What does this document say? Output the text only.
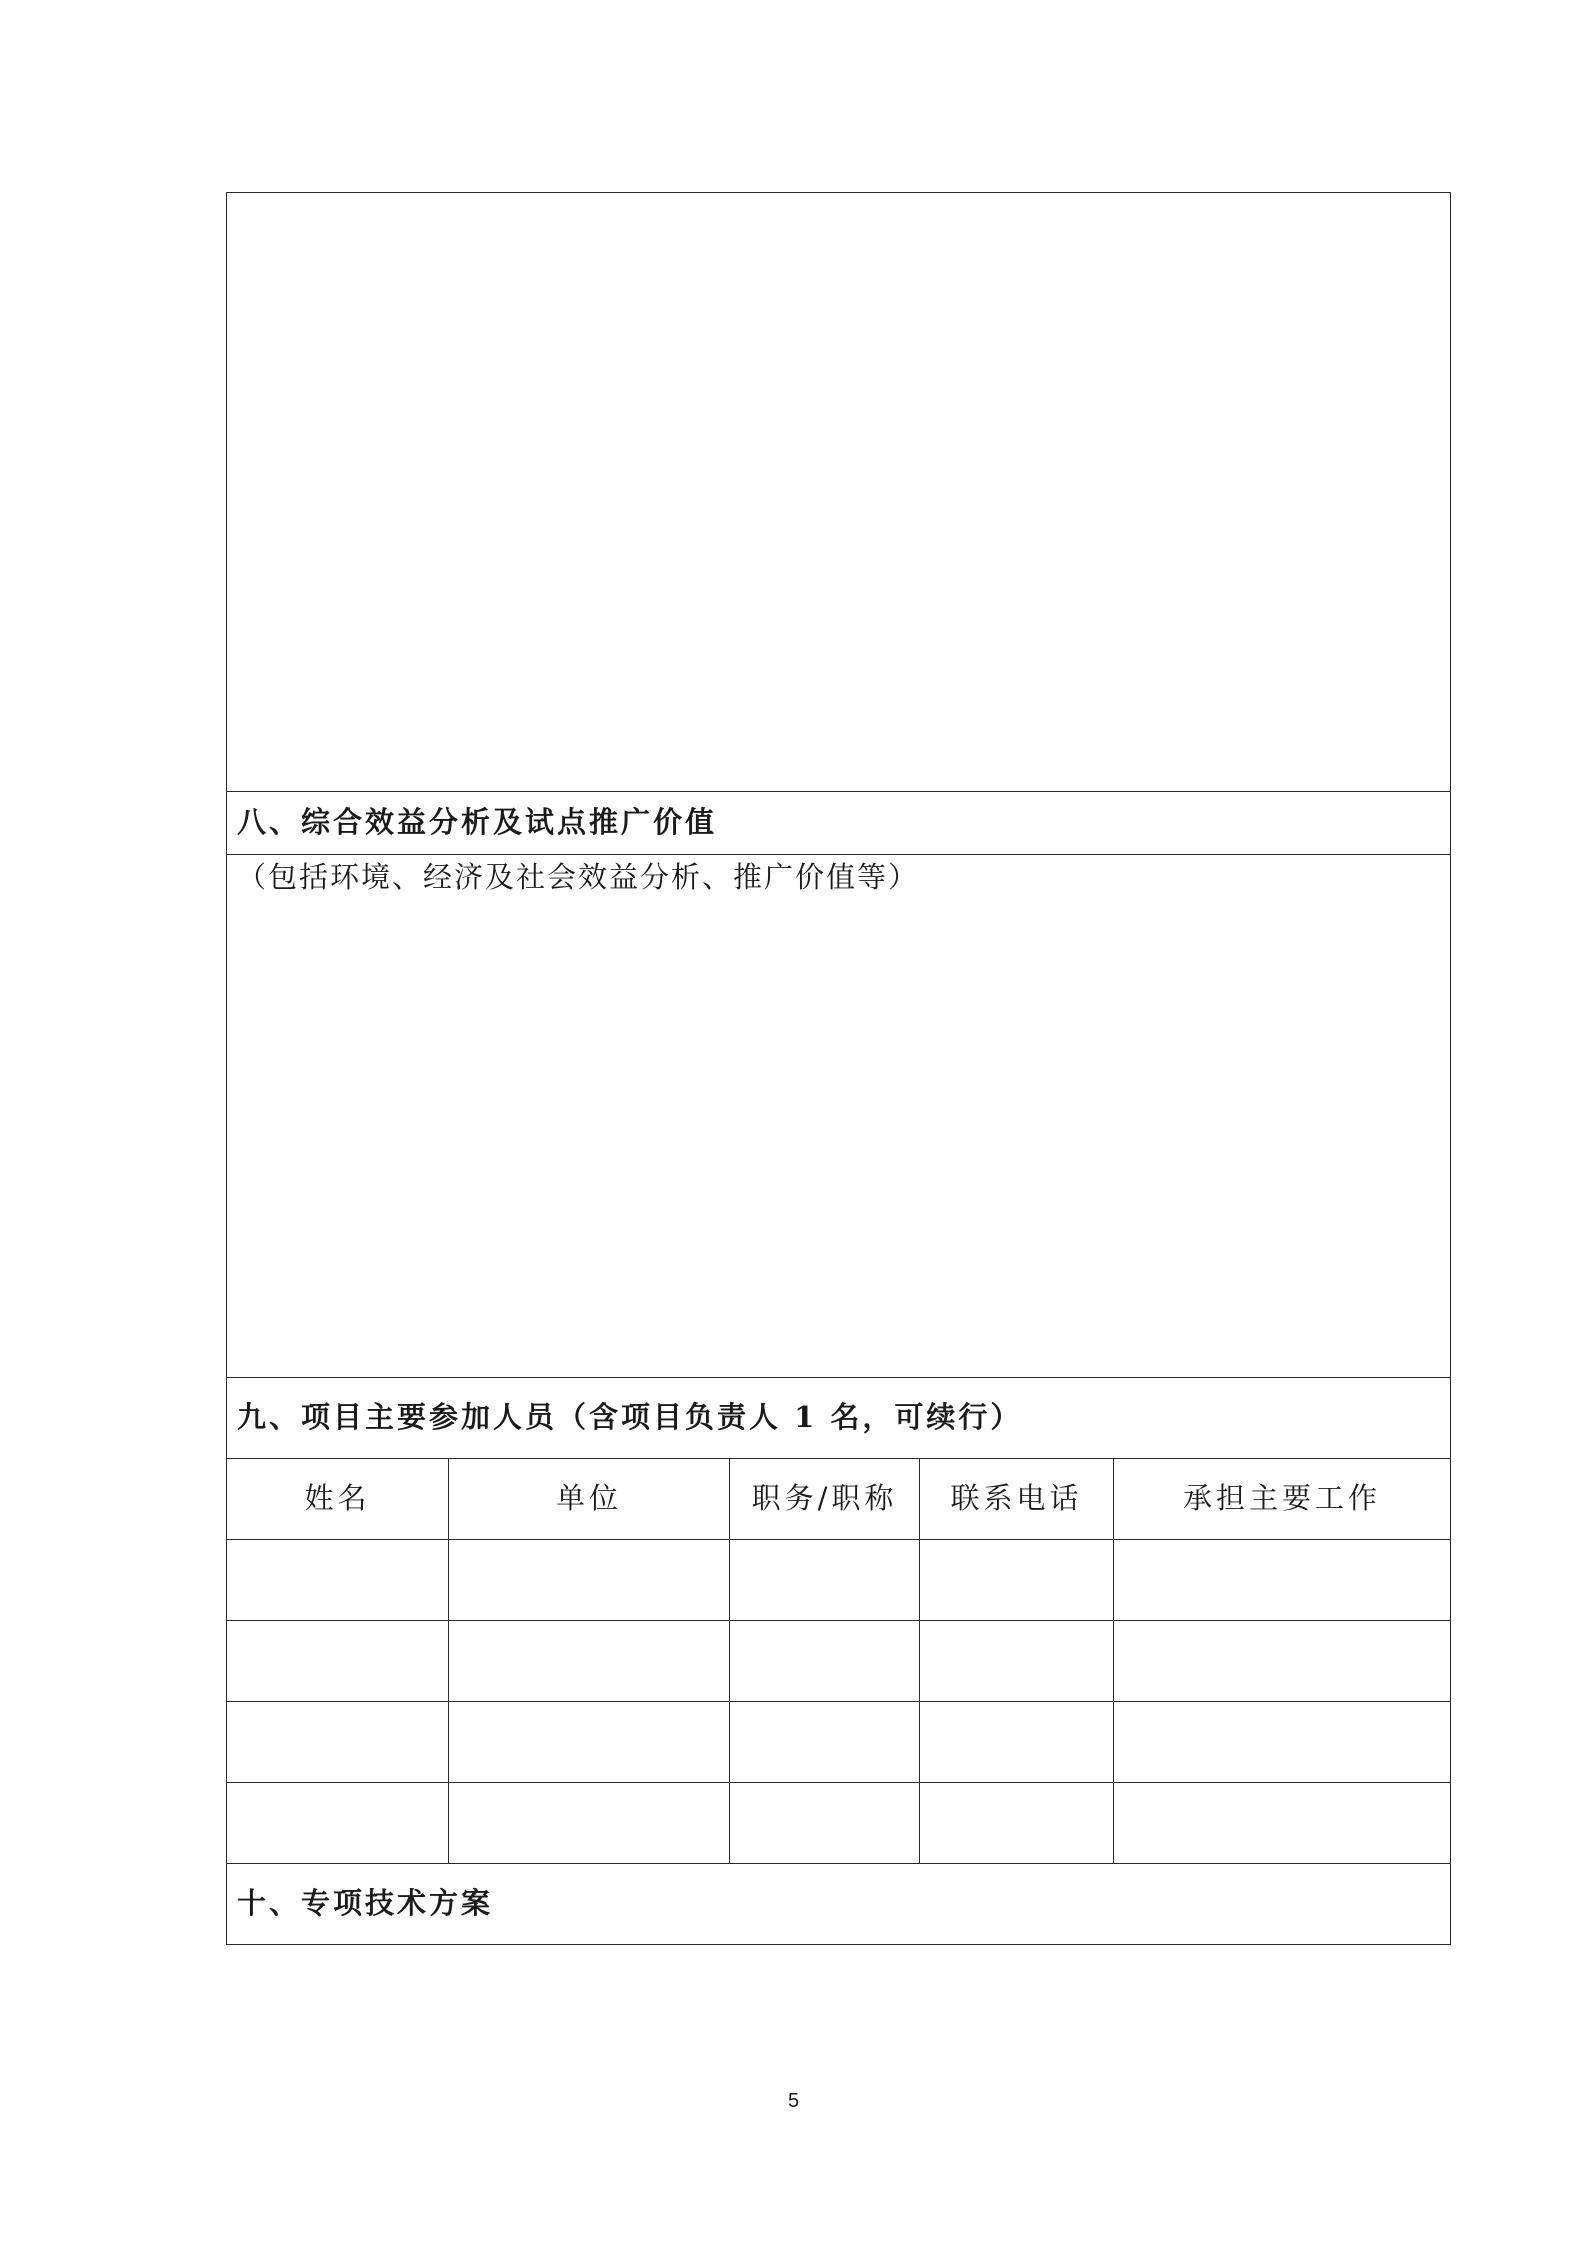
八、综合效益分析及试点推广价值				
（包括环境、经济及社会效益分析、推广价值等）				
九、项目主要参加人员（含项目负责人 1 名，可续行）				
姓名	单位	职务/职称	联系电话	承担主要工作

十、专项技术方案				
5
